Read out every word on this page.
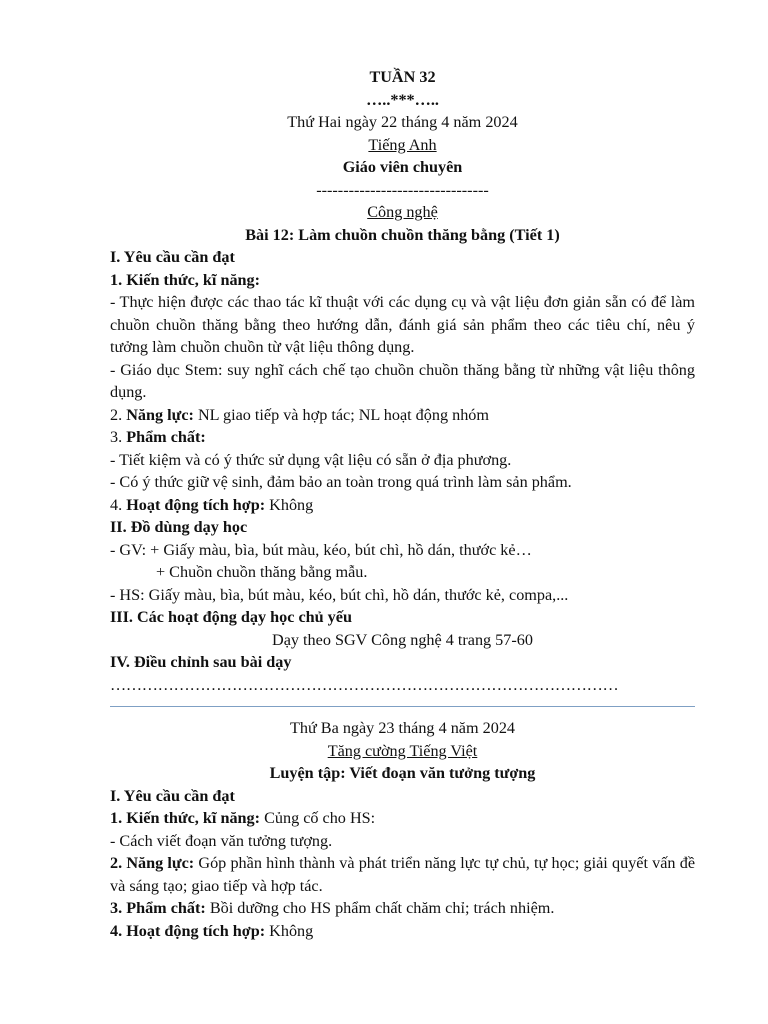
TUẦN 32
…..***…..
Thứ Hai ngày 22 tháng 4 năm 2024
Tiếng Anh
Giáo viên chuyên
--------------------------------
Công nghệ
Bài 12: Làm chuồn chuồn thăng bằng (Tiết 1)
I. Yêu cầu cần đạt
1. Kiến thức, kĩ năng:
- Thực hiện được các thao tác kĩ thuật với các dụng cụ và vật liệu đơn giản sẵn có để làm chuồn chuồn thăng bằng theo hướng dẫn, đánh giá sản phẩm theo các tiêu chí, nêu ý tưởng làm chuồn chuồn từ vật liệu thông dụng.
- Giáo dục Stem: suy nghĩ cách chế tạo chuồn chuồn thăng bằng từ những vật liệu thông dụng.
2. Năng lực: NL giao tiếp và hợp tác; NL hoạt động nhóm
3. Phẩm chất:
- Tiết kiệm và có ý thức sử dụng vật liệu có sẵn ở địa phương.
- Có ý thức giữ vệ sinh, đảm bảo an toàn trong quá trình làm sản phẩm.
4. Hoạt động tích hợp: Không
II. Đồ dùng dạy học
- GV: + Giấy màu, bìa, bút màu, kéo, bút chì, hồ dán, thước kẻ…
+ Chuồn chuồn thăng bằng mẫu.
- HS: Giấy màu, bìa, bút màu, kéo, bút chì, hồ dán, thước kẻ, compa,...
III. Các hoạt động dạy học chủ yếu
Dạy theo SGV Công nghệ 4 trang 57-60
IV. Điều chỉnh sau bài dạy
……………………………………………………………………………………
Thứ Ba ngày 23 tháng 4 năm 2024
Tăng cường Tiếng Việt
Luyện tập: Viết đoạn văn tưởng tượng
I. Yêu cầu cần đạt
1. Kiến thức, kĩ năng: Củng cố cho HS:
- Cách viết đoạn văn tưởng tượng.
2. Năng lực: Góp phần hình thành và phát triển năng lực tự chủ, tự học; giải quyết vấn đề và sáng tạo; giao tiếp và hợp tác.
3. Phẩm chất: Bồi dưỡng cho HS phẩm chất chăm chỉ; trách nhiệm.
4. Hoạt động tích hợp: Không
